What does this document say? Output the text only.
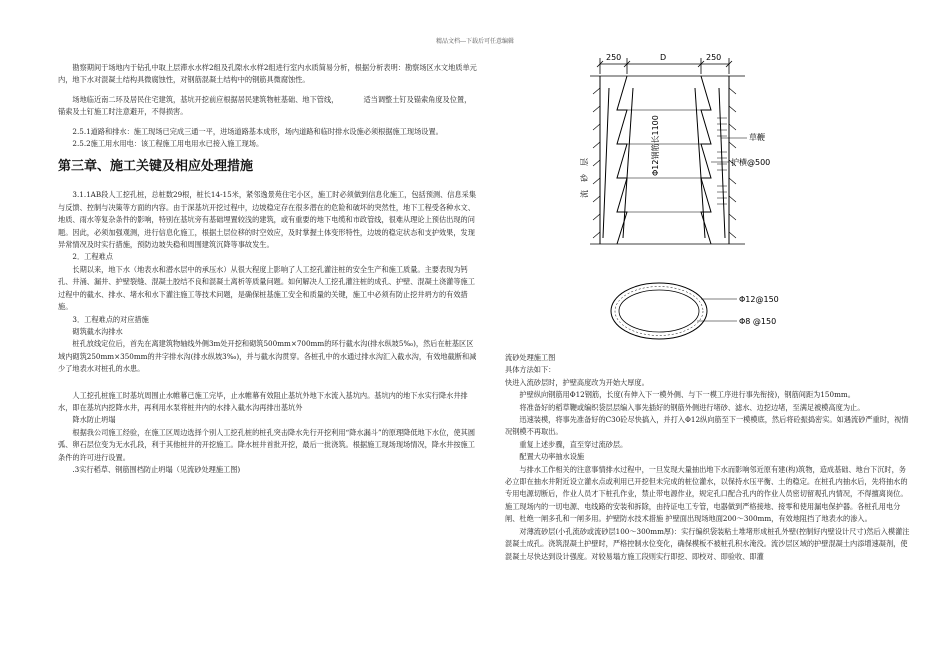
精品文档---下载后可任意编辑

勘察期间于场地内于钻孔中取上层滞水水样2组及孔隙水水样2组进行室内水质简易分析，根据分析表明：勘察场区水文地质单元内，地下水对混凝土结构具微腐蚀性，对钢筋混凝土结构中的钢筋具微腐蚀性。

场地临近南二环及居民住宅建筑，基坑开挖前应根据居民建筑物桩基础、地下管线，　　　　适当调整土钉及锚索角度及位置，锚索及土钉施工时注意避开，不得损害。

2.5.1道路和排水：施工现场已完成三通一平，进场道路基本成形，场内道路和临时排水设施必须根据施工现场设置。

2.5.2施工用水用电：该工程施工用电用水已接入施工现场。

第三章、施工关键及相应处理措施

3.1.1AB段人工挖孔桩，总桩数29根，桩长14-15米，紧邻逸景苑住宅小区，施工时必须做到信息化施工，包括预测、信息采集与反馈、控制与决策等方面的内容。由于深基坑开挖过程中，边坡稳定存在很多潜在的危险和破坏的突然性，地下工程受各种水文、地质、雨水等复杂条件的影响，特别在基坑旁有基础埋置较浅的建筑，或有重要的地下电缆和市政管线，很难从理论上预估出现的问题。因此，必须加强观测，进行信息化施工，根据土层位移的时空效应，及时掌握土体变形特性，边坡的稳定状态和支护效果，发现异常情况及时实行措施，预防边坡失稳和周围建筑沉降等事故发生。

2．工程难点

长期以来，地下水（地表水和潜水层中的承压水）从很大程度上影响了人工挖孔灌注桩的安全生产和施工质量。主要表现为钙孔、井涌、漏井、护壁裂缝、混凝土胶结不良和混凝土离析等质量问题。如何解决人工挖孔灌注桩的成孔、护壁、混凝土浇灌等施工过程中的截水、排水、堵水和水下灌注施工等技术问题，是确保桩基施工安全和质量的关键，施工中必须有防止挖井坍方的有效措施。

3．工程难点的对应措施

砌筑截水沟排水

桩孔放线定位后，首先在离建筑物轴线外侧3m处开挖和砌筑500mm×700mm的环行截水沟(排水纵坡5‰)，然后在桩基区区域内砌筑250mm×350mm的井字排水沟(排水纵坡3‰)，并与截水沟贯穿。各桩孔中的水通过排水沟汇入截水沟，有效地截断和减少了地表水对桩孔的水患。

人工挖孔桩施工时基坑周围止水帷幕已施工完毕，止水帷幕有效阻止基坑外地下水流入基坑内。基坑内的地下水实行降水井排水，即在基坑内挖降水井，再利用水泵将桩井内的水排入截水沟再排出基坑外

降水防止坍塌

根据我公司施工经验，在施工区周边选择个别人工挖孔桩的桩孔突击降水先行开挖利用“降水漏斗”的原理降低地下水位，使其圆弧、卵石层位变为无水孔段，利于其他桩井的开挖施工。降水桩井首批开挖，最后一批浇筑。根据施工现场现场情况，降水井按施工条件的许可进行设置。

.3实行稻草、钢筋围档防止坍塌（见流砂处理施工图)

250	D	250
草鞭
护横@500
Φ12钢筋长1100
流　砂　层
Φ12@150
Φ8 @150

流砂处理施工图

具体方法如下：

快进入流砂层时，护壁高度改为开始大厚度。

护壁纵向钢筋用Φ12钢筋，长度(有伸入下一模外侧、与下一模工序进行事先衔接)，钢筋间距为150mm。

将准备好的稻草鞭或编织袋层层编入事先插好的钢筋外侧进行堵砂、滤水、边挖边堵，至满足被模高度为止。

迅速装模，将事先准备好的C30砼尽快搞入，并打入Φ12纵向筋至下一模模底，然后将砼振捣密实。如遇流砂严重时，视情况钢模不再取出。

重复上述步骤，直至穿过流砂层。

配置大功率抽水设施

与排水工作相关的注意事情排水过程中，一旦发现大量抽出地下水而影响邻近原有建(构)筑物，造成基础、地台下沉时，务必立即在抽水井附近设立灌水点或利用已开挖但未完成的桩位灌水，以保持水压平衡、土的稳定。在桩孔内抽水后，先将抽水的专用电源切断后，作业人员才下桩孔作业，禁止带电源作业，规定孔口配合孔内的作业人员密切留观孔内情况，不得擅离岗位。施工现场内的一切电源、电线路的安装和拆除，由持证电工专管，电器做到严格接地、接零和使用漏电保护器。各桩孔用电分闸、杜绝一闸多孔和一闸多用。护壁防水技术措施 护壁面出现场地面200～300mm，有效地阻挡了地表水的渗入。

对薄流砂层(小孔流砂或流砂层100～300mm厚)：实行编织袋装粘土堆堵形成桩孔外壁(控制好内壁设计尺寸)然后入模灌注混凝土成孔。浇筑混凝土护壁时，严格控制水位变化，确保模板不被桩孔积水淹没。流沙层区域的护壁混凝土内添增速凝剂，使混凝土尽快达到设计强度。对较易塌方施工段则实行即挖、即校对、即验收、即灌
